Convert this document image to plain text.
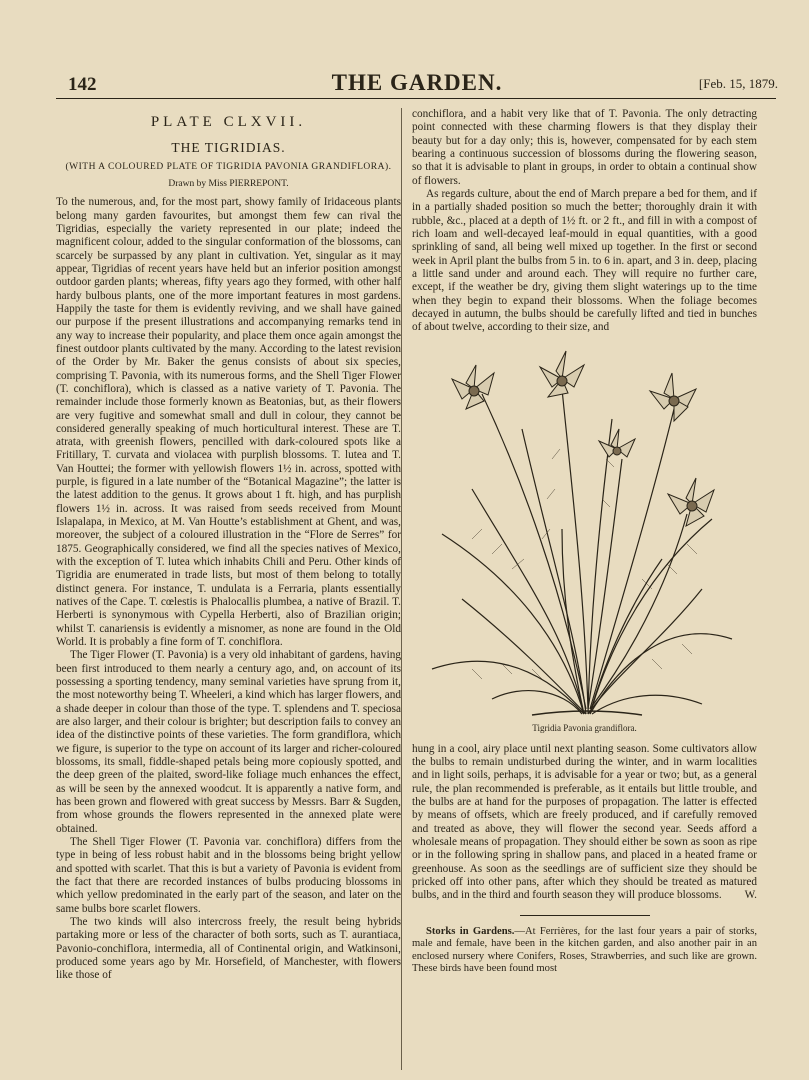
142	THE GARDEN.	[Feb. 15, 1879.
PLATE CLXVII.
THE TIGRIDIAS.
(WITH A COLOURED PLATE OF TIGRIDIA PAVONIA GRANDIFLORA).
Drawn by Miss PIERREPONT.

To the numerous, and, for the most part, showy family of Iridaceous plants belong many garden favourites, but amongst them few can rival the Tigridias, especially the variety represented in our plate; indeed the magnificent colour, added to the singular conformation of the blossoms, can scarcely be surpassed by any plant in cultivation. Yet, singular as it may appear, Tigridias of recent years have held but an inferior position amongst outdoor garden plants; whereas, fifty years ago they formed, with other half hardy bulbous plants, one of the more important features in most gardens. Happily the taste for them is evidently reviving, and we shall have gained our purpose if the present illustrations and accompanying remarks tend in any way to increase their popularity, and place them once again amongst the finest outdoor plants cultivated by the many. According to the latest revision of the Order by Mr. Baker the genus consists of about six species, comprising T. Pavonia, with its numerous forms, and the Shell Tiger Flower (T. conchiflora), which is classed as a native variety of T. Pavonia. The remainder include those formerly known as Beatonias, but, as their flowers are very fugitive and somewhat small and dull in colour, they cannot be considered generally speaking of much horticultural interest. These are T. atrata, with greenish flowers, pencilled with dark-coloured spots like a Fritillary, T. curvata and violacea with purplish blossoms. T. lutea and T. Van Houttei; the former with yellowish flowers 1½ in. across, spotted with purple, is figured in a late number of the “Botanical Magazine”; the latter is the latest addition to the genus. It grows about 1 ft. high, and has purplish flowers 1½ in. across. It was raised from seeds received from Mount Islapalapa, in Mexico, at M. Van Houtte’s establishment at Ghent, and was, moreover, the subject of a coloured illustration in the “Flore de Serres” for 1875. Geographically considered, we find all the species natives of Mexico, with the exception of T. lutea which inhabits Chili and Peru. Other kinds of Tigridia are enumerated in trade lists, but most of them belong to totally distinct genera. For instance, T. undulata is a Ferraria, plants essentially natives of the Cape. T. cœlestis is Phalocallis plumbea, a native of Brazil. T. Herberti is synonymous with Cypella Herberti, also of Brazilian origin; whilst T. canariensis is evidently a misnomer, as none are found in the Old World. It is probably a fine form of T. conchiflora.

The Tiger Flower (T. Pavonia) is a very old inhabitant of gardens, having been first introduced to them nearly a century ago, and, on account of its possessing a sporting tendency, many seminal varieties have sprung from it, the most noteworthy being T. Wheeleri, a kind which has larger flowers, and a shade deeper in colour than those of the type. T. splendens and T. speciosa are also larger, and their colour is brighter; but description fails to convey an idea of the distinctive points of these varieties. The form grandiflora, which we figure, is superior to the type on account of its larger and richer-coloured blossoms, its small, fiddle-shaped petals being more copiously spotted, and the deep green of the plaited, sword-like foliage much enhances the effect, as will be seen by the annexed woodcut. It is apparently a native form, and has been grown and flowered with great success by Messrs. Barr & Sugden, from whose grounds the flowers represented in the annexed plate were obtained.

The Shell Tiger Flower (T. Pavonia var. conchiflora) differs from the type in being of less robust habit and in the blossoms being bright yellow and spotted with scarlet. That this is but a variety of Pavonia is evident from the fact that there are recorded instances of bulbs producing blossoms in which yellow predominated in the early part of the season, and later on the same bulbs bore scarlet flowers.

The two kinds will also intercross freely, the result being hybrids partaking more or less of the character of both sorts, such as T. aurantiaca, Pavonio-conchiflora, intermedia, all of Continental origin, and Watkinsoni, produced some years ago by Mr. Horsefield, of Manchester, with flowers like those of

conchiflora, and a habit very like that of T. Pavonia. The only detracting point connected with these charming flowers is that they display their beauty but for a day only; this is, however, compensated for by each stem bearing a continuous succession of blossoms during the flowering season, so that it is advisable to plant in groups, in order to obtain a continual show of flowers.

As regards culture, about the end of March prepare a bed for them, and if in a partially shaded position so much the better; thoroughly drain it with rubble, &c., placed at a depth of 1½ ft. or 2 ft., and fill in with a compost of rich loam and well-decayed leaf-mould in equal quantities, with a good sprinkling of sand, all being well mixed up together. In the first or second week in April plant the bulbs from 5 in. to 6 in. apart, and 3 in. deep, placing a little sand under and around each. They will require no further care, except, if the weather be dry, giving them slight waterings up to the time when they begin to expand their blossoms. When the foliage becomes decayed in autumn, the bulbs should be carefully lifted and tied in bunches of about twelve, according to their size, and

Tigridia Pavonia grandiflora.

hung in a cool, airy place until next planting season. Some cultivators allow the bulbs to remain undisturbed during the winter, and in warm localities and in light soils, perhaps, it is advisable for a year or two; but, as a general rule, the plan recommended is preferable, as it entails but little trouble, and the bulbs are at hand for the purposes of propagation. The latter is effected by means of offsets, which are freely produced, and if carefully removed and treated as above, they will flower the second year. Seeds afford a wholesale means of propagation. They should either be sown as soon as ripe or in the following spring in shallow pans, and placed in a heated frame or greenhouse. As soon as the seedlings are of sufficient size they should be pricked off into other pans, after which they should be treated as matured bulbs, and in the third and fourth season they will produce blossoms. W.

Storks in Gardens.—At Ferrières, for the last four years a pair of storks, male and female, have been in the kitchen garden, and also another pair in an enclosed nursery where Conifers, Roses, Strawberries, and such like are grown. These birds have been found most
